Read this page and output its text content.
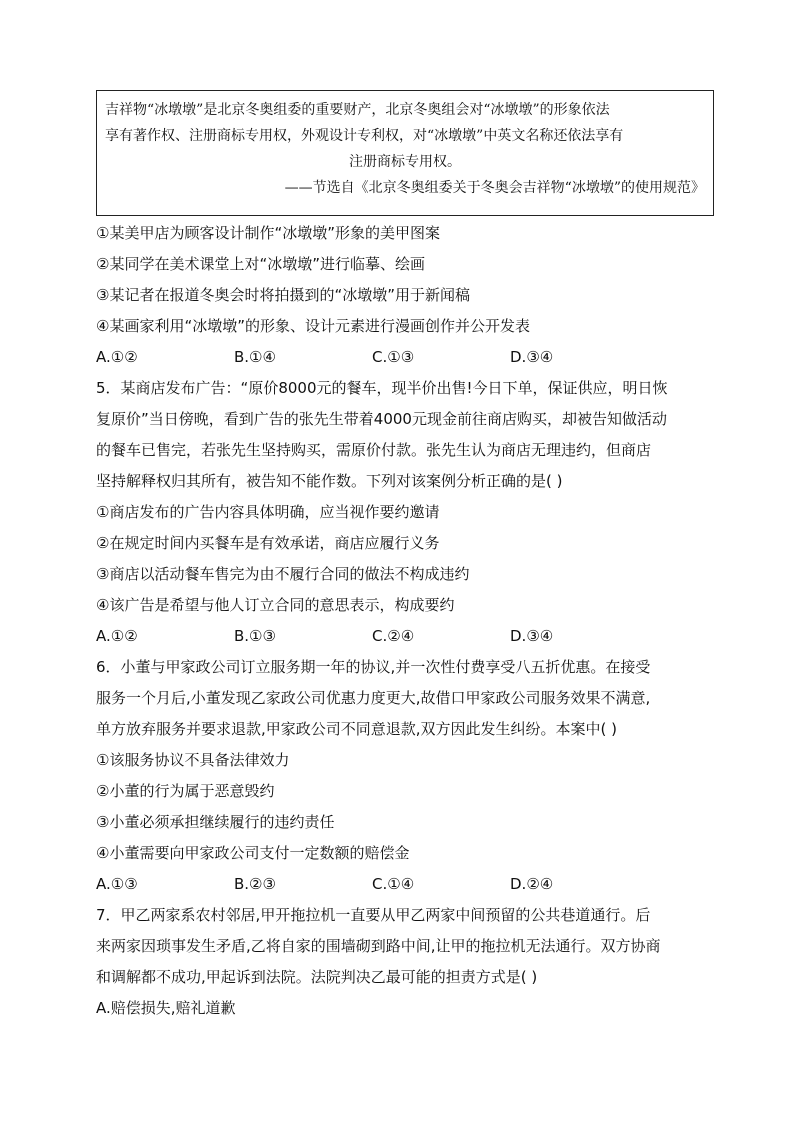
吉祥物“冰墩墩”是北京冬奥组委的重要财产，北京冬奥组会对“冰墩墩”的形象依法

享有著作权、注册商标专用权，外观设计专利权，对“冰墩墩”中英文名称还依法享有

注册商标专用权。

——节选自《北京冬奥组委关于冬奥会吉祥物“冰墩墩”的使用规范》

①某美甲店为顾客设计制作“冰墩墩”形象的美甲图案

②某同学在美术课堂上对“冰墩墩”进行临摹、绘画

③某记者在报道冬奥会时将拍摄到的“冰墩墩”用于新闻稿

④某画家利用“冰墩墩”的形象、设计元素进行漫画创作并公开发表

A.①②	B.①④	C.①③	D.③④

5．某商店发布广告：“原价8000元的餐车，现半价出售!今日下单，保证供应，明日恢

复原价”当日傍晚，看到广告的张先生带着4000元现金前往商店购买，却被告知做活动

的餐车已售完，若张先生坚持购买，需原价付款。张先生认为商店无理违约，但商店

坚持解释权归其所有，被告知不能作数。下列对该案例分析正确的是( )

①商店发布的广告内容具体明确，应当视作要约邀请

②在规定时间内买餐车是有效承诺，商店应履行义务

③商店以活动餐车售完为由不履行合同的做法不构成违约

④该广告是希望与他人订立合同的意思表示，构成要约

A.①②	B.①③	C.②④	D.③④

6．小董与甲家政公司订立服务期一年的协议,并一次性付费享受八五折优惠。在接受

服务一个月后,小董发现乙家政公司优惠力度更大,故借口甲家政公司服务效果不满意,

单方放弃服务并要求退款,甲家政公司不同意退款,双方因此发生纠纷。本案中( )

①该服务协议不具备法律效力

②小董的行为属于恶意毁约

③小董必须承担继续履行的违约责任

④小董需要向甲家政公司支付一定数额的赔偿金

A.①③	B.②③	C.①④	D.②④

7．甲乙两家系农村邻居,甲开拖拉机一直要从甲乙两家中间预留的公共巷道通行。后

来两家因琐事发生矛盾,乙将自家的围墙砌到路中间,让甲的拖拉机无法通行。双方协商

和调解都不成功,甲起诉到法院。法院判决乙最可能的担责方式是( )

A.赔偿损失,赔礼道歉
